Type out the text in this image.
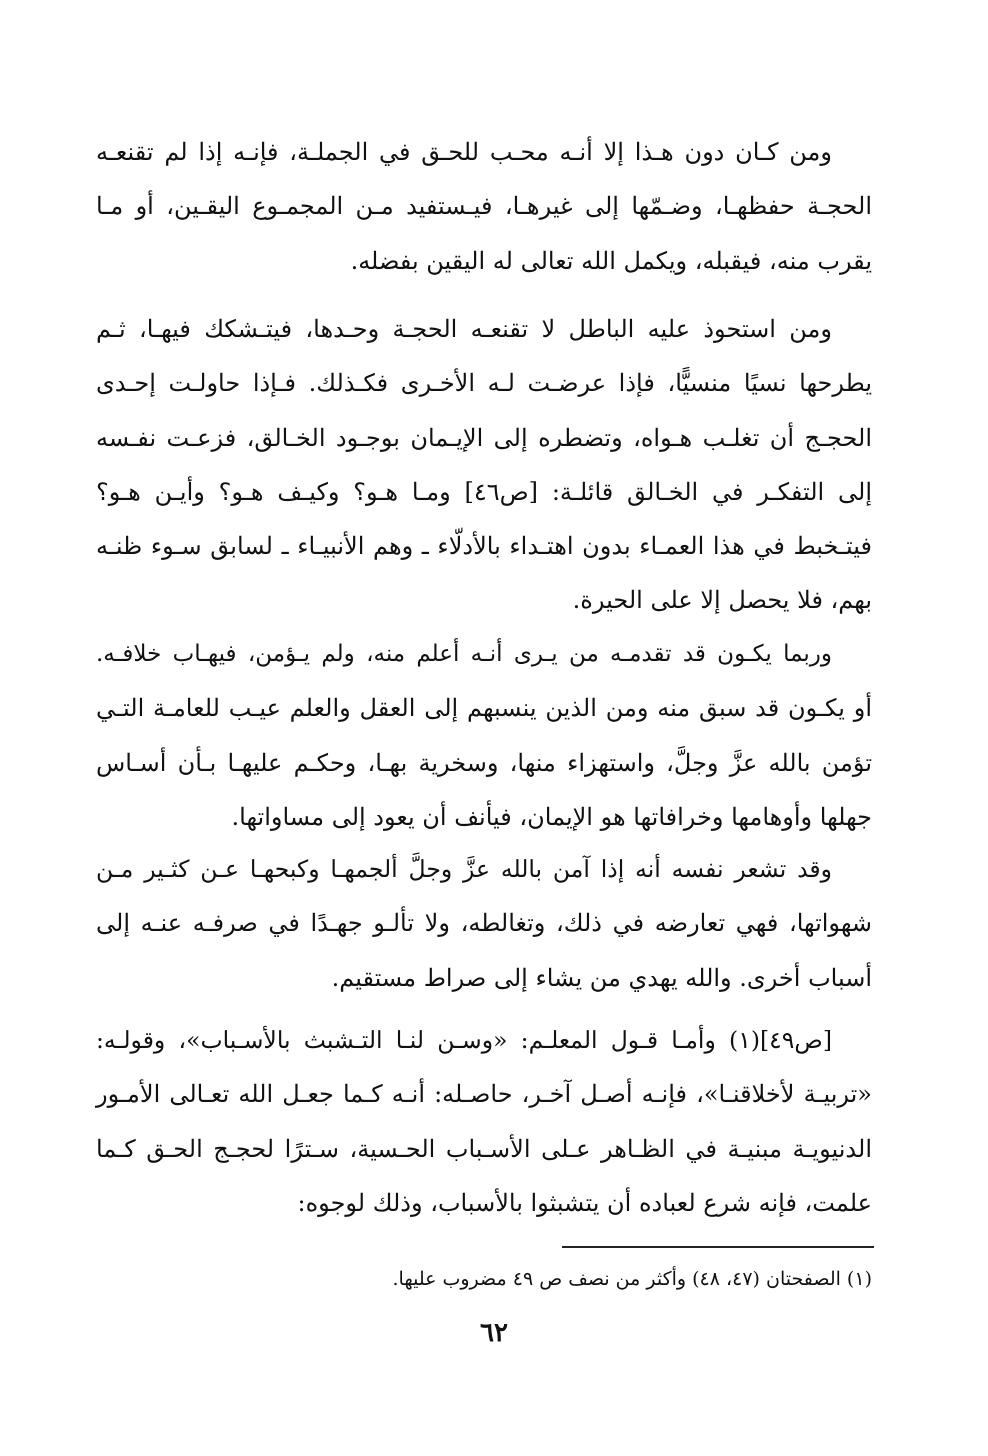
ومن كـان دون هـذا إلا أنـه محـب للحـق في الجملـة، فإنـه إذا لم تقنعـه
الحجـة حفظهـا، وضـمّها إلى غيرهـا، فيـستفيد مـن المجمـوع اليقـين، أو مـا
يقرب منه، فيقبله، ويكمل الله تعالى له اليقين بفضله.
ومن استحوذ عليه الباطل لا تقنعـه الحجـة وحـدها، فيتـشكك فيهـا، ثـم
يطرحها نسيًا منسيًّا، فإذا عرضـت لـه الأخـرى فكـذلك. فـإذا حاولـت إحـدى
الحجـج أن تغلـب هـواه، وتضطره إلى الإيـمان بوجـود الخـالق، فزعـت نفـسه
إلى التفكـر في الخـالق قائلـة: [ص٤٦] ومـا هـو؟ وكيـف هـو؟ وأيـن هـو؟
فيتـخبط في هذا العمـاء بدون اهتـداء بالأدلّاء ـ وهم الأنبيـاء ـ لسابق سـوء ظنـه
بهم، فلا يحصل إلا على الحيرة.
وربما يكـون قد تقدمـه من يـرى أنـه أعلم منه، ولم يـؤمن، فيهـاب خلافـه.
أو يكـون قد سبق منه ومن الذين ينسبهم إلى العقل والعلم عيـب للعامـة التـي
تؤمن بالله عزَّ وجلَّ، واستهزاء منها، وسخرية بهـا، وحكـم عليهـا بـأن أسـاس
جهلها وأوهامها وخرافاتها هو الإيمان، فيأنف أن يعود إلى مساواتها.
وقد تشعر نفسه أنه إذا آمن بالله عزَّ وجلَّ ألجمهـا وكبحهـا عـن كثـير مـن
شهواتها، فهي تعارضه في ذلك، وتغالطه، ولا تألـو جهـدًا في صرفـه عنـه إلى
أسباب أخرى. والله يهدي من يشاء إلى صراط مستقيم.
[ص٤٩](١) وأمـا قـول المعلـم: «وسـن لنـا التـشبث بالأسـباب»، وقولـه:
«تربيـة لأخلاقنـا»، فإنـه أصـل آخـر، حاصـله: أنـه كـما جعـل الله تعـالى الأمـور
الدنيويـة مبنيـة في الظـاهر عـلى الأسـباب الحـسية، سـترًا لحجـج الحـق كـما
علمت، فإنه شرع لعباده أن يتشبثوا بالأسباب، وذلك لوجوه:
(١) الصفحتان (٤٧، ٤٨) وأكثر من نصف ص ٤٩ مضروب عليها.
٦٢
